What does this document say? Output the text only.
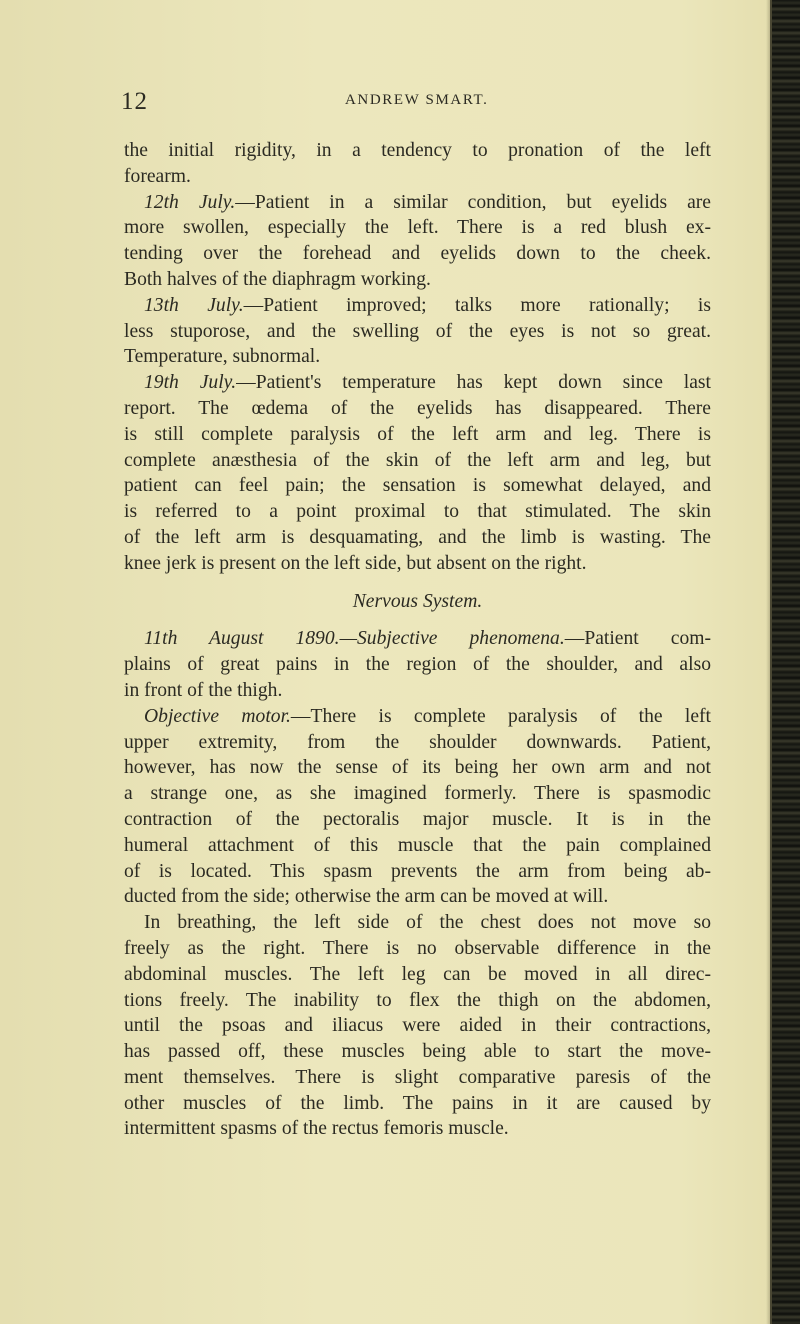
12	ANDREW SMART.
the initial rigidity, in a tendency to pronation of the left
forearm.
12th July.—Patient in a similar condition, but eyelids are
more swollen, especially the left. There is a red blush ex-
tending over the forehead and eyelids down to the cheek.
Both halves of the diaphragm working.
13th July.—Patient improved; talks more rationally; is
less stuporose, and the swelling of the eyes is not so great.
Temperature, subnormal.
19th July.—Patient's temperature has kept down since last
report. The œdema of the eyelids has disappeared. There
is still complete paralysis of the left arm and leg. There is
complete anæsthesia of the skin of the left arm and leg, but
patient can feel pain; the sensation is somewhat delayed, and
is referred to a point proximal to that stimulated. The skin
of the left arm is desquamating, and the limb is wasting. The
knee jerk is present on the left side, but absent on the right.
Nervous System.
11th August 1890.—Subjective phenomena.—Patient com-
plains of great pains in the region of the shoulder, and also
in front of the thigh.
Objective motor.—There is complete paralysis of the left
upper extremity, from the shoulder downwards. Patient,
however, has now the sense of its being her own arm and not
a strange one, as she imagined formerly. There is spasmodic
contraction of the pectoralis major muscle. It is in the
humeral attachment of this muscle that the pain complained
of is located. This spasm prevents the arm from being ab-
ducted from the side; otherwise the arm can be moved at will.
In breathing, the left side of the chest does not move so
freely as the right. There is no observable difference in the
abdominal muscles. The left leg can be moved in all direc-
tions freely. The inability to flex the thigh on the abdomen,
until the psoas and iliacus were aided in their contractions,
has passed off, these muscles being able to start the move-
ment themselves. There is slight comparative paresis of the
other muscles of the limb. The pains in it are caused by
intermittent spasms of the rectus femoris muscle.
